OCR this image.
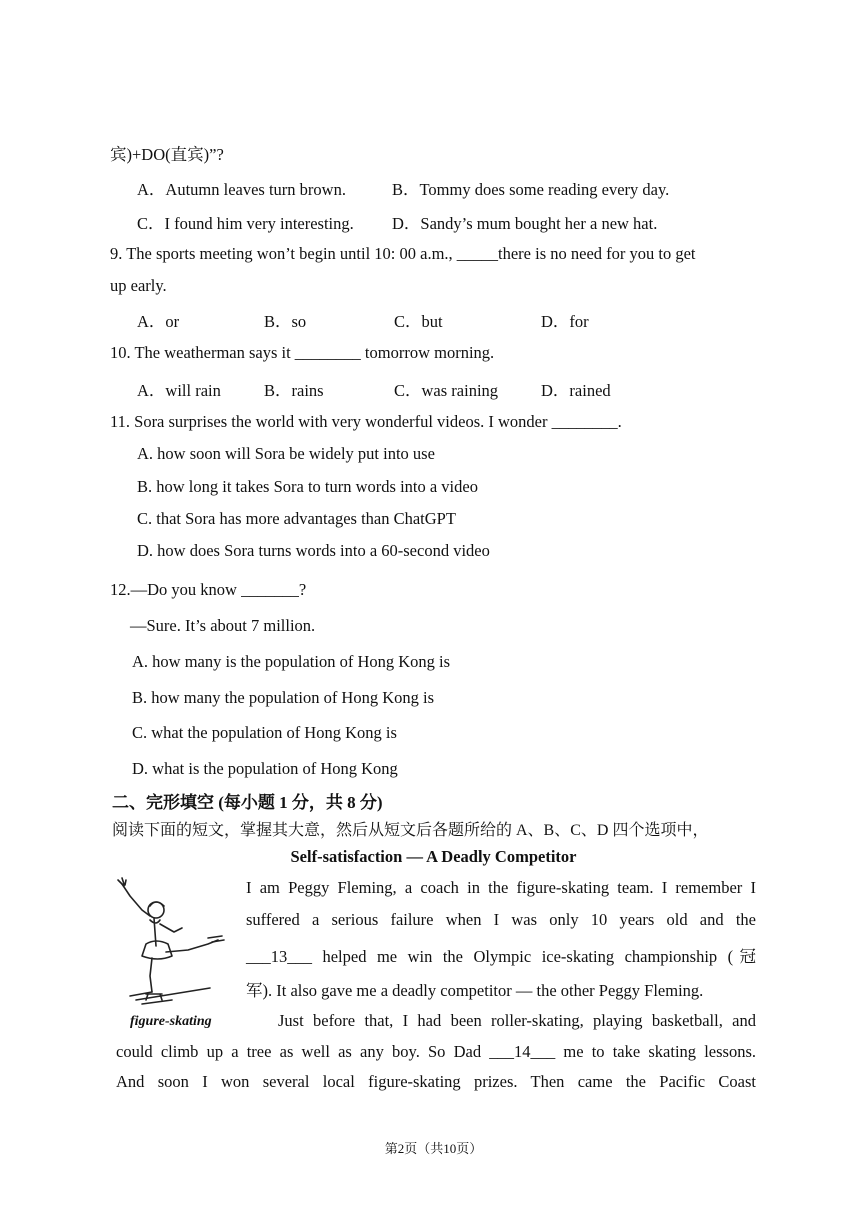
宾)+DO(直宾)”?
A．Autumn leaves turn brown.	B．Tommy does some reading every day.
C．I found him very interesting. D．Sandy’s mum bought her a new hat.
9. The sports meeting won’t begin until 10: 00 a.m., _____there is no need for you to get
up early.
A．or	B．so	C．but	D．for
10. The weatherman says it ________ tomorrow morning.
A．will rain	B．rains	C．was raining	D．rained
11. Sora surprises the world with very wonderful videos. I wonder ________.
A. how soon will Sora be widely put into use
B. how long it takes Sora to turn words into a video
C. that Sora has more advantages than ChatGPT
D. how does Sora turns words into a 60-second video
12.—Do you know _______?
—Sure. It’s about 7 million.
A. how many is the population of Hong Kong is
B. how many the population of Hong Kong is
C. what the population of Hong Kong is
D. what is the population of Hong Kong
二、完形填空 (每小题 1 分，共 8 分)
阅读下面的短文，掌握其大意，然后从短文后各题所给的 A、B、C、D 四个选项中，
Self-satisfaction — A Deadly Competitor
figure-skating
I am Peggy Fleming, a coach in the figure-skating team. I remember I
suffered a serious failure when I was only 10 years old and the
___13___ helped me win the Olympic ice-skating championship (冠
军). It also gave me a deadly competitor — the other Peggy Fleming.
Just before that, I had been roller-skating, playing basketball, and
could climb up a tree as well as any boy. So Dad ___14___ me to take skating lessons.
And soon I won several local figure-skating prizes. Then came the Pacific Coast
第2页（共10页）
